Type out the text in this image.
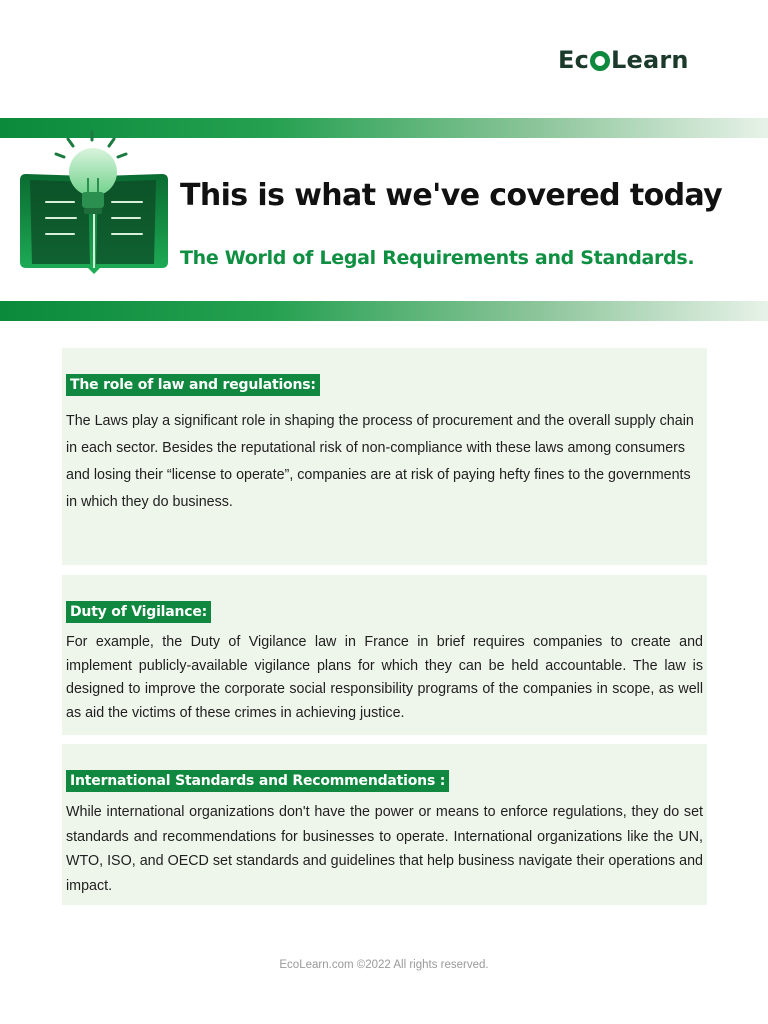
Ec Learn
This is what we've covered today
The World of Legal Requirements and Standards.
The role of law and regulations:

The Laws play a significant role in shaping the process of procurement and the overall supply chain in each sector. Besides the reputational risk of non-compliance with these laws among consumers and losing their “license to operate”, companies are at risk of paying hefty fines to the governments in which they do business.

Duty of Vigilance:

For example, the Duty of Vigilance law in France in brief requires companies to create and implement publicly-available vigilance plans for which they can be held accountable. The law is designed to improve the corporate social responsibility programs of the companies in scope, as well as aid the victims of these crimes in achieving justice.

International Standards and Recommendations :

While international organizations don't have the power or means to enforce regulations, they do set standards and recommendations for businesses to operate. International organizations like the UN, WTO, ISO, and OECD set standards and guidelines that help business navigate their operations and impact.

EcoLearn.com ©2022 All rights reserved.
